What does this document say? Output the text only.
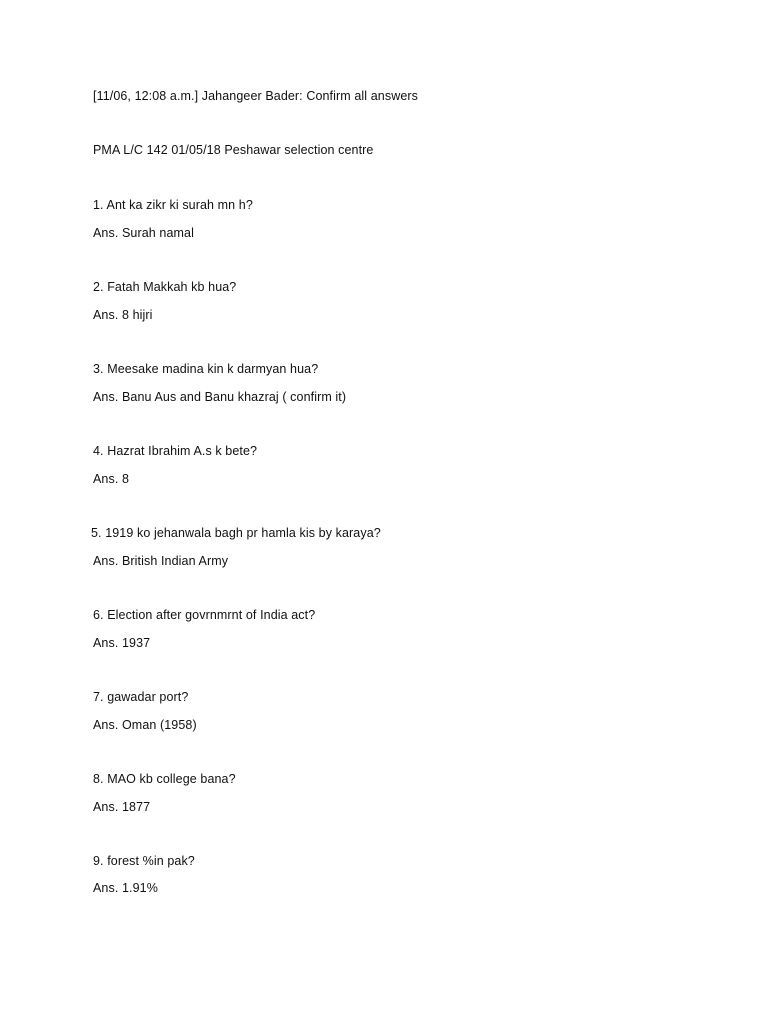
[11/06, 12:08 a.m.] Jahangeer Bader: Confirm all answers
PMA L/C 142 01/05/18 Peshawar selection centre
1. Ant ka zikr ki surah mn h?
Ans. Surah namal
2. Fatah Makkah kb hua?
Ans. 8 hijri
3. Meesake madina kin k darmyan hua?
Ans. Banu Aus and Banu khazraj ( confirm it)
4. Hazrat Ibrahim A.s k bete?
Ans. 8
5. 1919 ko jehanwala bagh pr hamla kis by karaya?
Ans. British Indian Army
6. Election after govrnmrnt of India act?
Ans. 1937
7. gawadar port?
Ans. Oman (1958)
8. MAO kb college bana?
Ans. 1877
9. forest %in pak?
Ans. 1.91%
